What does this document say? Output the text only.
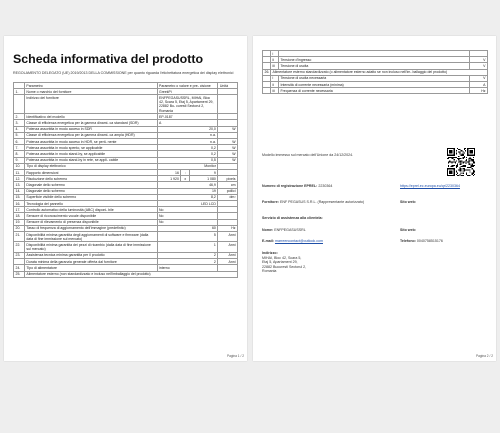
Scheda informativa del prodotto
REGOLAMENTO DELEGATO (UE) 2019/2013 DELLA COMMISSIONE per quanto riguarda l'etichettatura energetica dei display elettronici
	Parametro	Parametro o valore e pre- cisione			Unità
1.	Nome o marchio del fornitore	GreekPi			
	Indirizzo del fornitore	ENFPEGASUSSRL, MIHAI, Bloc 42, Scara 5, Etaj 5, Apartament 29, 22882 Bu- curesti Sectorul 2, Romania			
2.	Identificativo del modello	EP-0187			
3.	Classe di efficienza energetica per la gamma dinami- ca standard (SDR)	A			
4.	Potenza assorbita in modo acceso in SDR	20,0			W
5.	Classe di efficienza energetica per la gamma dinami- ca ampia (HDR)	n.a.			
6.	Potenza assorbita in modo acceso in HDR, se perti- nente	n.a.			W
7.	Potenza assorbita in modo spento, se applicabile	0,2			W
8.	Potenza assorbita in modo stand-by, se applicabile	0,2			W
9.	Potenza assorbita in modo stand-by in rete, se appli- cabile	0,5			W
10.	Tipo di display elettronico	Monitor			
11.	Rapporto dimensioni	16	:	9	
12.	Risoluzione dello schermo	1 920	x	1 080	pixels
13.	Diagonale dello schermo	46,9			cm
14.	Diagonale dello schermo	19			pollici
15.	Superficie visibile dello schermo	8,2			dm²
16.	Tecnologia del pannello	LED LCD			
17.	Controllo automatico della luminosità (ABC) disponi- bile	No			
18.	Sensore di riconoscimento vocale disponibile	No			
19.	Sensore di rilevamento di presenza disponibile	No			
20.	Tasso di frequenza di aggiornamento dell'immagine (predefinito)	60			Hz
21.	Disponibilità minima garantita degli aggiornamenti di software e firmware (dalla data di fine immissione sul mercato)	5			Anni
22.	Disponibilità minima garantita dei pezzi di ricambio (dalla data di fine immissione sul mercato)	1			Anni
23.	Assistenza tecnica minima garantita per il prodotto	2			Anni
	Durata minima della garanzia generale offerta dal fornitore	2			Anni
24.	Tipo di alimentatore	interno			
25.	Alimentatore esterno (non standardizzato e incluso nell'imballaggio del prodotto)				
Pagina 1 / 2
	i		
	ii	Tensione d'ingresso	V
	iii	Tensione di uscita	V
26.	Alimentatore esterno standardizzato (o alimentatore esterno adatto se non incluso nell'im- ballaggio del prodotto)		
	i	Tensione di uscita necessaria	V
	ii	Intensità di corrente necessaria (minima)	A
	iii	Frequenza di corrente necessaria	Hz
Modello immesso sul mercato dell'Unione da 24/12/2024.
Numero di registrazione EPREL: 2230364	https://eprel.ec.europa.eu/qr/2230364
Fornitore: ENF PEGASUS S.R.L. (Rappresentante autorizzato)	Sito web:
Servizio di assistenza alla clientela:
Nome: ENFPEGASUSSRL	Sito web:
E-mail: marreencontact@outlook.com	Telefono: 0040758515176
Indirizzo:
MIHAI, Bloc 42, Scara 5,
Etaj 5, Apartament 29,
22882 Bucuresti Sectorul 2,
Romania
Pagina 2 / 2
